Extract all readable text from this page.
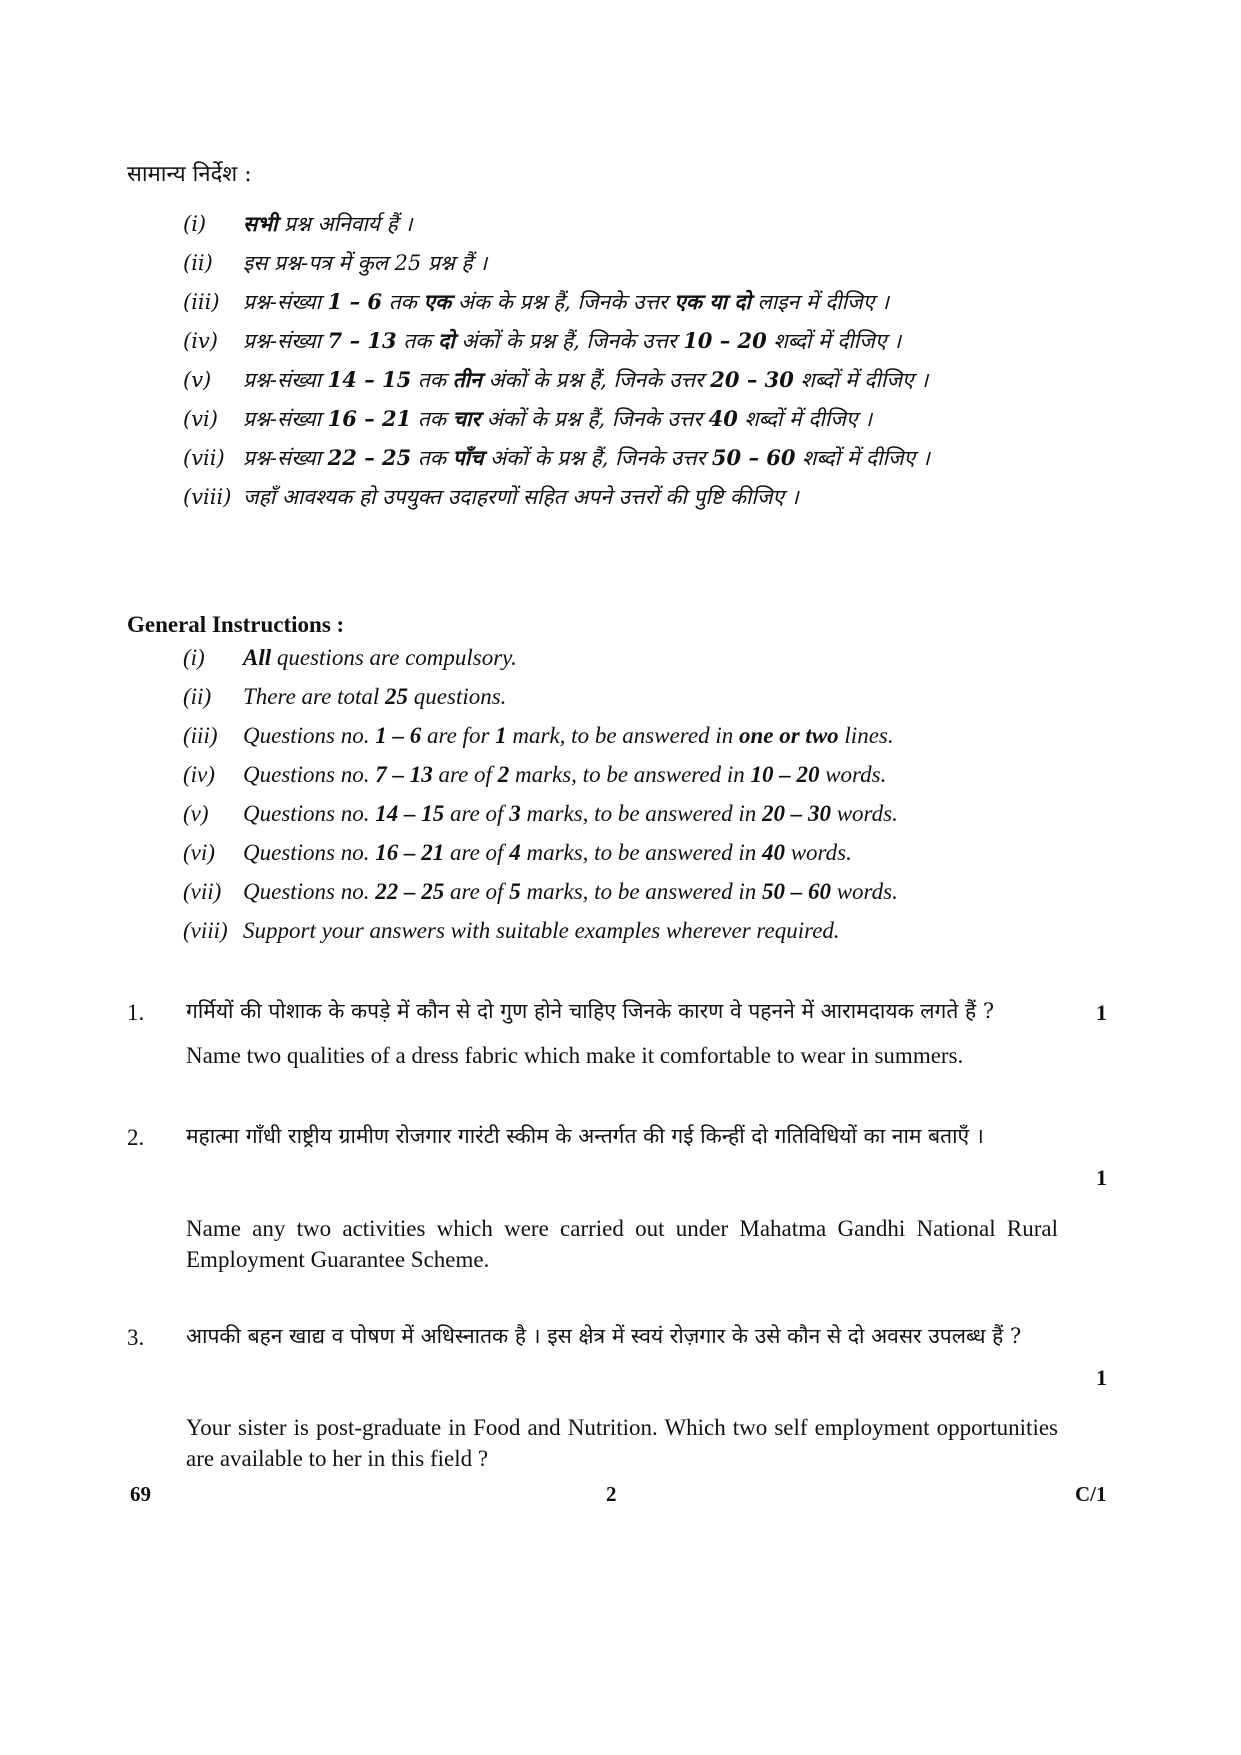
सामान्य निर्देश :
(i) सभी प्रश्न अनिवार्य हैं ।
(ii) इस प्रश्न-पत्र में कुल 25 प्रश्न हैं ।
(iii) प्रश्न-संख्या 1 – 6 तक एक अंक के प्रश्न हैं, जिनके उत्तर एक या दो लाइन में दीजिए ।
(iv) प्रश्न-संख्या 7 – 13 तक दो अंकों के प्रश्न हैं, जिनके उत्तर 10 – 20 शब्दों में दीजिए ।
(v) प्रश्न-संख्या 14 – 15 तक तीन अंकों के प्रश्न हैं, जिनके उत्तर 20 – 30 शब्दों में दीजिए ।
(vi) प्रश्न-संख्या 16 – 21 तक चार अंकों के प्रश्न हैं, जिनके उत्तर 40 शब्दों में दीजिए ।
(vii) प्रश्न-संख्या 22 – 25 तक पाँच अंकों के प्रश्न हैं, जिनके उत्तर 50 – 60 शब्दों में दीजिए ।
(viii) जहाँ आवश्यक हो उपयुक्त उदाहरणों सहित अपने उत्तरों की पुष्टि कीजिए ।
General Instructions :
(i) All questions are compulsory.
(ii) There are total 25 questions.
(iii) Questions no. 1 – 6 are for 1 mark, to be answered in one or two lines.
(iv) Questions no. 7 – 13 are of 2 marks, to be answered in 10 – 20 words.
(v) Questions no. 14 – 15 are of 3 marks, to be answered in 20 – 30 words.
(vi) Questions no. 16 – 21 are of 4 marks, to be answered in 40 words.
(vii) Questions no. 22 – 25 are of 5 marks, to be answered in 50 – 60 words.
(viii) Support your answers with suitable examples wherever required.
1. गर्मियों की पोशाक के कपड़े में कौन से दो गुण होने चाहिए जिनके कारण वे पहनने में आरामदायक लगते हैं ?	1
Name two qualities of a dress fabric which make it comfortable to wear in summers.
2. महात्मा गाँधी राष्ट्रीय ग्रामीण रोजगार गारंटी स्कीम के अन्तर्गत की गई किन्हीं दो गतिविधियों का नाम बताएँ ।
1
Name any two activities which were carried out under Mahatma Gandhi National Rural Employment Guarantee Scheme.
3. आपकी बहन खाद्य व पोषण में अधिस्नातक है । इस क्षेत्र में स्वयं रोज़गार के उसे कौन से दो अवसर उपलब्ध हैं ?
1
Your sister is post-graduate in Food and Nutrition. Which two self employment opportunities are available to her in this field ?
69	2	C/1
